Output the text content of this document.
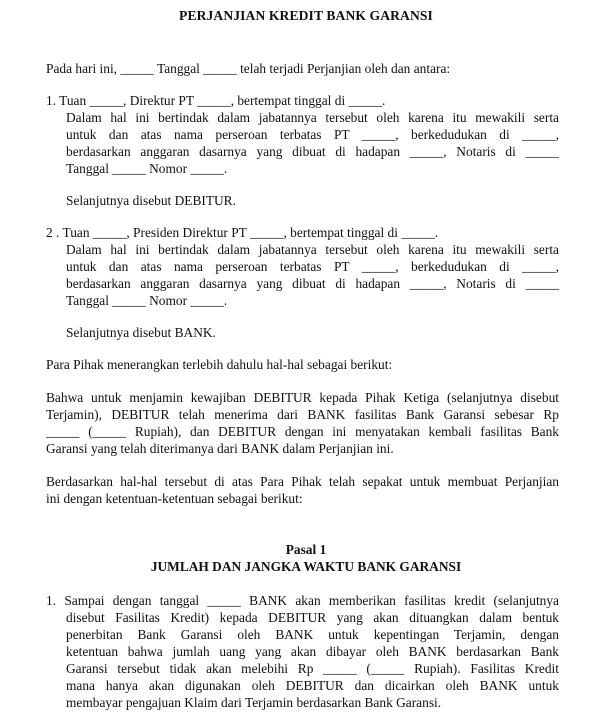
PERJANJIAN KREDIT BANK GARANSI
Pada hari ini, _____ Tanggal _____ telah terjadi Perjanjian oleh dan antara:
1. Tuan _____, Direktur PT _____, bertempat tinggal di _____.
Dalam hal ini bertindak dalam jabatannya tersebut oleh karena itu mewakili serta
untuk dan atas nama perseroan terbatas PT _____, berkedudukan di _____,
berdasarkan anggaran dasarnya yang dibuat di hadapan _____, Notaris di _____
Tanggal _____ Nomor _____.
Selanjutnya disebut DEBITUR.
2 . Tuan _____, Presiden Direktur PT _____, bertempat tinggal di _____.
Dalam hal ini bertindak dalam jabatannya tersebut oleh karena itu mewakili serta
untuk dan atas nama perseroan terbatas PT _____, berkedudukan di _____,
berdasarkan anggaran dasarnya yang dibuat di hadapan _____, Notaris di _____
Tanggal _____ Nomor _____.
Selanjutnya disebut BANK.
Para Pihak menerangkan terlebih dahulu hal-hal sebagai berikut:
Bahwa untuk menjamin kewajiban DEBITUR kepada Pihak Ketiga (selanjutnya disebut
Terjamin), DEBITUR telah menerima dari BANK fasilitas Bank Garansi sebesar Rp
_____ (_____ Rupiah), dan DEBITUR dengan ini menyatakan kembali fasilitas Bank
Garansi yang telah diterimanya dari BANK dalam Perjanjian ini.
Berdasarkan hal-hal tersebut di atas Para Pihak telah sepakat untuk membuat Perjanjian
ini dengan ketentuan-ketentuan sebagai berikut:
Pasal 1
JUMLAH DAN JANGKA WAKTU BANK GARANSI
1. Sampai dengan tanggal _____ BANK akan memberikan fasilitas kredit (selanjutnya
disebut Fasilitas Kredit) kepada DEBITUR yang akan dituangkan dalam bentuk
penerbitan Bank Garansi oleh BANK untuk kepentingan Terjamin, dengan
ketentuan bahwa jumlah uang yang akan dibayar oleh BANK berdasarkan Bank
Garansi tersebut tidak akan melebihi Rp _____ (_____ Rupiah). Fasilitas Kredit
mana hanya akan digunakan oleh DEBITUR dan dicairkan oleh BANK untuk
membayar pengajuan Klaim dari Terjamin berdasarkan Bank Garansi.
